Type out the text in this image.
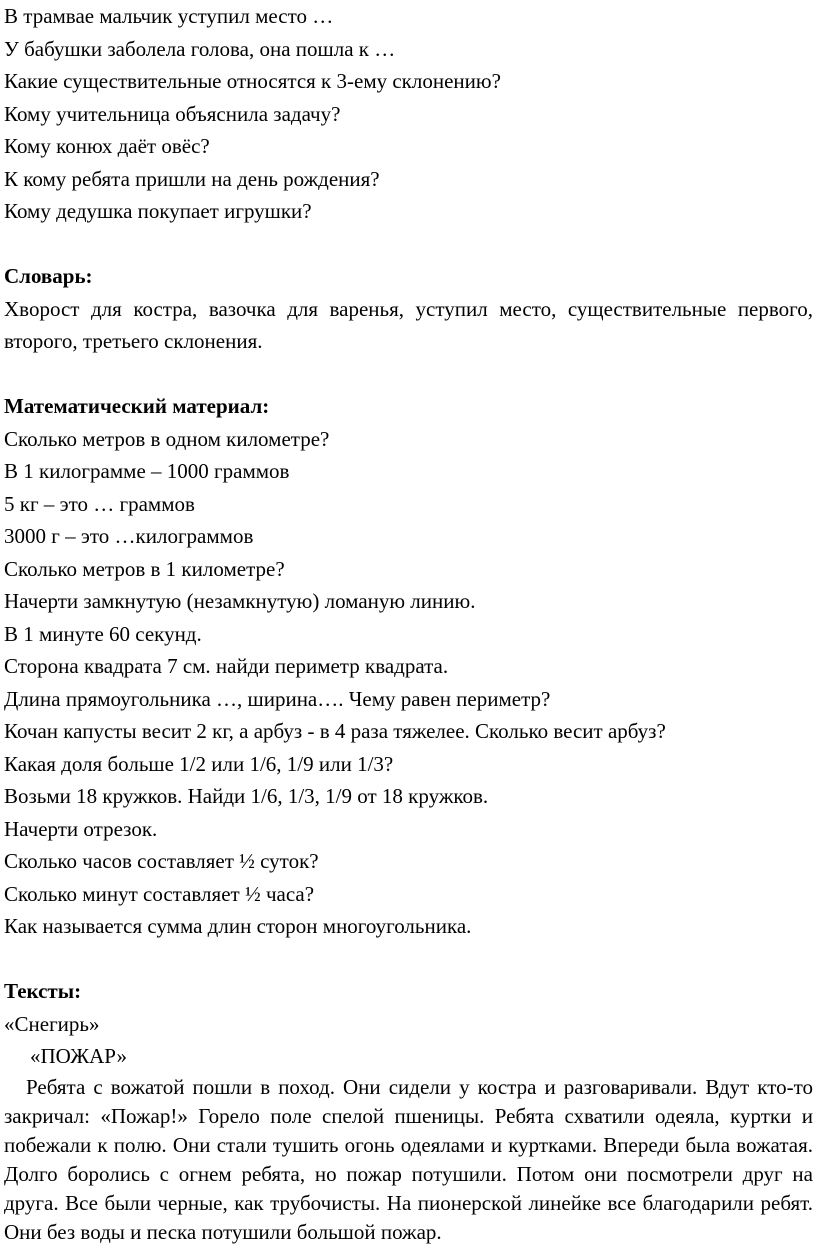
В трамвае мальчик уступил место …

У бабушки заболела голова, она пошла к …

Какие существительные относятся к 3-ему склонению?

Кому учительница объяснила задачу?

Кому конюх даёт овёс?

К кому ребята пришли на день рождения?

Кому дедушка покупает игрушки?

Словарь:

Хворост для костра, вазочка для варенья, уступил место, существительные первого, второго, третьего склонения.

Математический материал:

Сколько метров в одном километре?

В 1 килограмме – 1000 граммов

5 кг – это … граммов

3000 г – это …килограммов

Сколько метров в 1 километре?

Начерти замкнутую (незамкнутую) ломаную линию.

В 1 минуте 60 секунд.

Сторона квадрата 7 см. найди периметр квадрата.

Длина прямоугольника …, ширина…. Чему равен периметр?

Кочан капусты весит 2 кг, а арбуз - в 4 раза тяжелее. Сколько весит арбуз?

Какая доля больше 1/2 или 1/6, 1/9 или 1/3?

Возьми 18 кружков. Найди 1/6, 1/3, 1/9 от 18 кружков.

Начерти отрезок.

Сколько часов составляет ½ суток?

Сколько минут составляет ½ часа?

Как называется сумма длин сторон многоугольника.

Тексты:

«Снегирь»

«ПОЖАР»

Ребята с вожатой пошли в поход. Они сидели у костра и разговаривали. Вдут кто-то закричал: «Пожар!» Горело поле спелой пшеницы. Ребята схватили одеяла, куртки и побежали к полю. Они стали тушить огонь одеялами и куртками. Впереди была вожатая. Долго боролись с огнем ребята, но пожар потушили. Потом они посмотрели друг на друга. Все были черные, как трубочисты. На пионерской линейке все благодарили ребят. Они без воды и песка потушили большой пожар.
